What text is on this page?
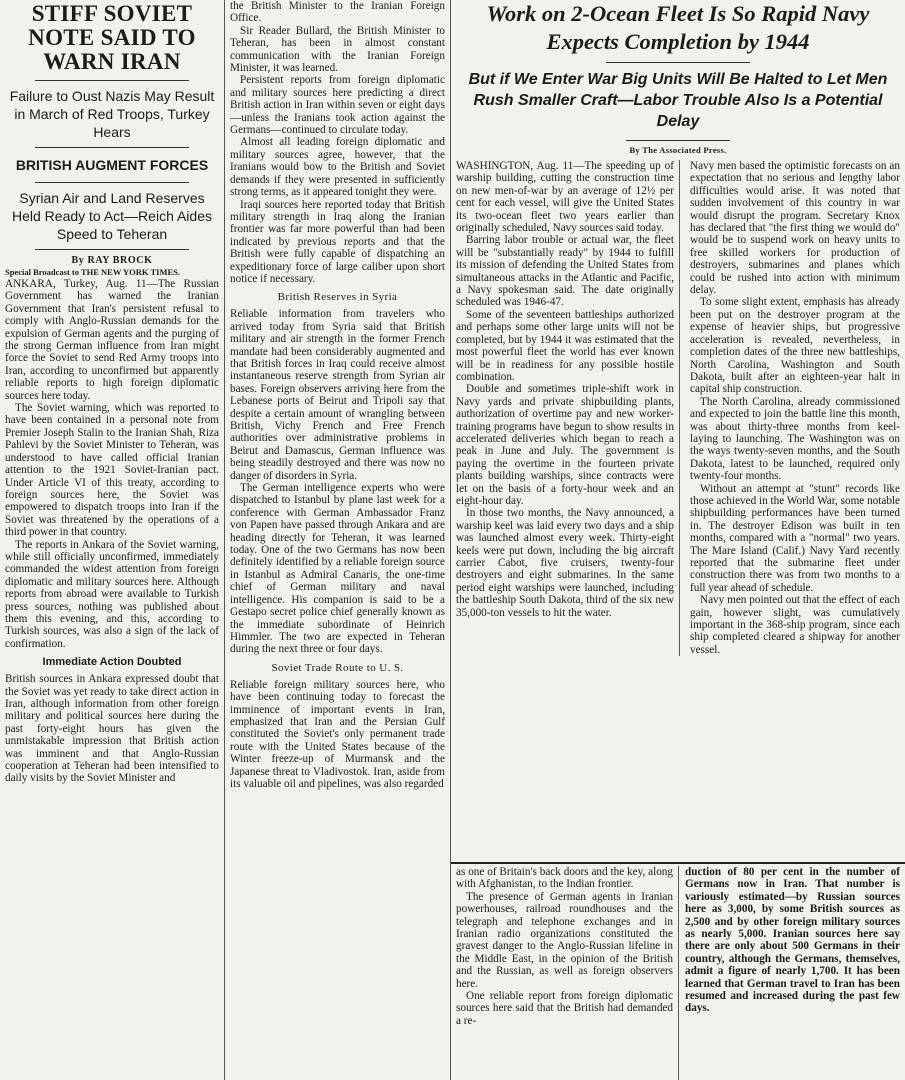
STIFF SOVIET NOTE SAID TO WARN IRAN
Failure to Oust Nazis May Result in March of Red Troops, Turkey Hears
BRITISH AUGMENT FORCES
Syrian Air and Land Reserves Held Ready to Act—Reich Aides Speed to Teheran
By RAY BROCK
Special Broadcast to THE NEW YORK TIMES.

ANKARA, Turkey, Aug. 11—The Russian Government has warned the Iranian Government that Iran's persistent refusal to comply with Anglo-Russian demands for the expulsion of German agents and the purging of the strong German influence from Iran might force the Soviet to send Red Army troops into Iran, according to unconfirmed but apparently reliable reports to high foreign diplomatic sources here today.

The Soviet warning, which was reported to have been contained in a personal note from Premier Joseph Stalin to the Iranian Shah, Riza Pahlevi by the Soviet Minister to Teheran, was understood to have called official Iranian attention to the 1921 Soviet-Iranian pact. Under Article VI of this treaty, according to foreign sources here, the Soviet was empowered to dispatch troops into Iran if the Soviet was threatened by the operations of a third power in that country.

The reports in Ankara of the Soviet warning, while still officially unconfirmed, immediately commanded the widest attention from foreign diplomatic and military sources here. Although reports from abroad were available to Turkish press sources, nothing was published about them this evening, and this, according to Turkish sources, was also a sign of the lack of confirmation.

Immediate Action Doubted

British sources in Ankara expressed doubt that the Soviet was yet ready to take direct action in Iran, although information from other foreign military and political sources here during the past forty-eight hours has given the unmistakable impression that British action was imminent and that Anglo-Russian cooperation at Teheran had been intensified to daily visits by the Soviet Minister and

the British Minister to the Iranian Foreign Office.

Sir Reader Bullard, the British Minister to Teheran, has been in almost constant communication with the Iranian Foreign Minister, it was learned.

Persistent reports from foreign diplomatic and military sources here predicting a direct British action in Iran within seven or eight days—unless the Iranians took action against the Germans—continued to circulate today.

Almost all leading foreign diplomatic and military sources agree, however, that the Iranians would bow to the British and Soviet demands if they were presented in sufficiently strong terms, as it appeared tonight they were.

Iraqi sources here reported today that British military strength in Iraq along the Iranian frontier was far more powerful than had been indicated by previous reports and that the British were fully capable of dispatching an expeditionary force of large caliber upon short notice if necessary.

British Reserves in Syria

Reliable information from travelers who arrived today from Syria said that British military and air strength in the former French mandate had been considerably augmented and that British forces in Iraq could receive almost instantaneous reserve strength from Syrian air bases. Foreign observers arriving here from the Lebanese ports of Beirut and Tripoli say that despite a certain amount of wrangling between British, Vichy French and Free French authorities over administrative problems in Beirut and Damascus, German influence was being steadily destroyed and there was now no danger of disorders in Syria.

The German intelligence experts who were dispatched to Istanbul by plane last week for a conference with German Ambassador Franz von Papen have passed through Ankara and are heading directly for Teheran, it was learned today. One of the two Germans has now been definitely identified by a reliable foreign source in Istanbul as Admiral Canaris, the one-time chief of German military and naval intelligence. His companion is said to be a Gestapo secret police chief generally known as the immediate subordinate of Heinrich Himmler. The two are expected in Teheran during the next three or four days.

Soviet Trade Route to U. S.

Reliable foreign military sources here, who have been continuing today to forecast the imminence of important events in Iran, emphasized that Iran and the Persian Gulf constituted the Soviet's only permanent trade route with the United States because of the Winter freeze-up of Murmansk and the Japanese threat to Vladivostok. Iran, aside from its valuable oil and pipelines, was also regarded

Work on 2-Ocean Fleet Is So Rapid Navy Expects Completion by 1944
But if We Enter War Big Units Will Be Halted to Let Men Rush Smaller Craft—Labor Trouble Also Is a Potential Delay
By The Associated Press.

WASHINGTON, Aug. 11—The speeding up of warship building, cutting the construction time on new men-of-war by an average of 12½ per cent for each vessel, will give the United States its two-ocean fleet two years earlier than originally scheduled, Navy sources said today.

Barring labor trouble or actual war, the fleet will be "substantially ready" by 1944 to fulfill its mission of defending the United States from simultaneous attacks in the Atlantic and Pacific, a Navy spokesman said. The date originally scheduled was 1946-47.

Some of the seventeen battleships authorized and perhaps some other large units will not be completed, but by 1944 it was estimated that the most powerful fleet the world has ever known will be in readiness for any possible hostile combination.

Double and sometimes triple-shift work in Navy yards and private shipbuilding plants, authorization of overtime pay and new worker-training programs have begun to show results in accelerated deliveries which began to reach a peak in June and July. The government is paying the overtime in the fourteen private plants building warships, since contracts were let on the basis of a forty-hour week and an eight-hour day.

In those two months, the Navy announced, a warship keel was laid every two days and a ship was launched almost every week. Thirty-eight keels were put down, including the big aircraft carrier Cabot, five cruisers, twenty-four destroyers and eight submarines. In the same period eight warships were launched, including the battleship South Dakota, third of the six new 35,000-ton vessels to hit the water.

Navy men based the optimistic forecasts on an expectation that no serious and lengthy labor difficulties would arise. It was noted that sudden involvement of this country in war would disrupt the program. Secretary Knox has declared that "the first thing we would do" would be to suspend work on heavy units to free skilled workers for production of destroyers, submarines and planes which could be rushed into action with minimum delay.

To some slight extent, emphasis has already been put on the destroyer program at the expense of heavier ships, but progressive acceleration is revealed, nevertheless, in completion dates of the three new battleships, North Carolina, Washington and South Dakota, built after an eighteen-year halt in capital ship construction.

The North Carolina, already commissioned and expected to join the battle line this month, was about thirty-three months from keel-laying to launching. The Washington was on the ways twenty-seven months, and the South Dakota, latest to be launched, required only twenty-four months.

Without an attempt at "stunt" records like those achieved in the World War, some notable shipbuilding performances have been turned in. The destroyer Edison was built in ten months, compared with a "normal" two years. The Mare Island (Calif.) Navy Yard recently reported that the submarine fleet under construction there was from two months to a full year ahead of schedule.

Navy men pointed out that the effect of each gain, however slight, was cumulatively important in the 368-ship program, since each ship completed cleared a shipway for another vessel.

as one of Britain's back doors and the key, along with Afghanistan, to the Indian frontier.

The presence of German agents in Iranian powerhouses, railroad roundhouses and the telegraph and telephone exchanges and in Iranian radio organizations constituted the gravest danger to the Anglo-Russian lifeline in the Middle East, in the opinion of the British and the Russian, as well as foreign observers here.

One reliable report from foreign diplomatic sources here said that the British had demanded a re-

duction of 80 per cent in the number of Germans now in Iran. That number is variously estimated—by Russian sources here as 3,000, by some British sources as 2,500 and by other foreign military sources as nearly 5,000. Iranian sources here say there are only about 500 Germans in their country, although the Germans, themselves, admit a figure of nearly 1,700. It has been learned that German travel to Iran has been resumed and increased during the past few days.
